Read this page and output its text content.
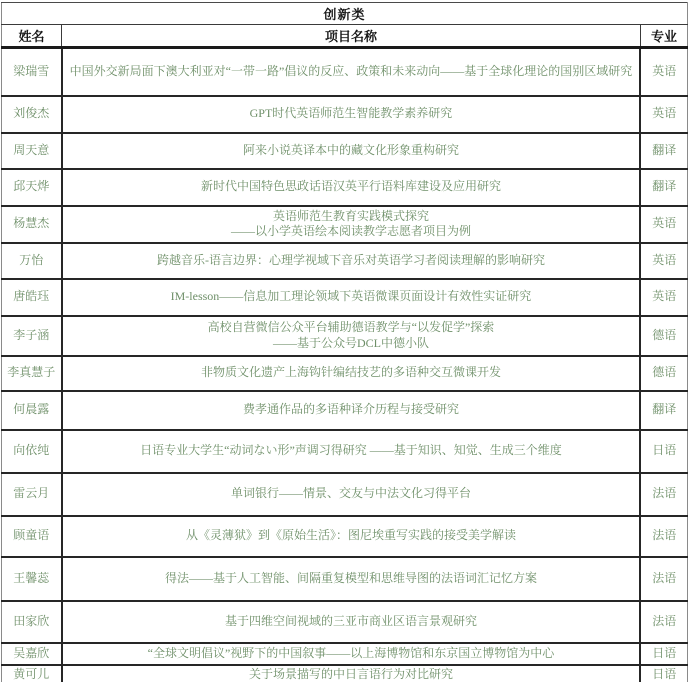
创新类		
姓名	项目名称	专业
梁瑞雪	中国外交新局面下澳大利亚对“一带一路”倡议的反应、政策和未来动向——基于全球化理论的国别区域研究	英语
刘俊杰	GPT时代英语师范生智能教学素养研究	英语
周天意	阿来小说英译本中的藏文化形象重构研究	翻译
邱天烨	新时代中国特色思政话语汉英平行语料库建设及应用研究	翻译
杨慧杰	英语师范生教育实践模式探究
——以小学英语绘本阅读教学志愿者项目为例	英语
万怡	跨越音乐-语言边界：心理学视域下音乐对英语学习者阅读理解的影响研究	英语
唐皓珏	IM-lesson——信息加工理论领域下英语微课页面设计有效性实证研究	英语
李子涵	高校自营微信公众平台辅助德语教学与“以发促学”探索
——基于公众号DCL中德小队	德语
李真慧子	非物质文化遗产上海钩针编结技艺的多语种交互微课开发	德语
何晨露	费孝通作品的多语种译介历程与接受研究	翻译
向依纯	日语专业大学生“动词ない形”声调习得研究 ——基于知识、知觉、生成三个维度	日语
雷云月	单词银行——情景、交友与中法文化习得平台	法语
顾童语	从《灵薄狱》到《原始生活》：图尼埃重写实践的接受美学解读	法语
王馨蕊	得法——基于人工智能、间隔重复模型和思维导图的法语词汇记忆方案	法语
田家欣	基于四维空间视域的三亚市商业区语言景观研究	法语
吴嘉欣	“全球文明倡议”视野下的中国叙事——以上海博物馆和东京国立博物馆为中心	日语
黄可儿	关于场景描写的中日言语行为对比研究	日语
